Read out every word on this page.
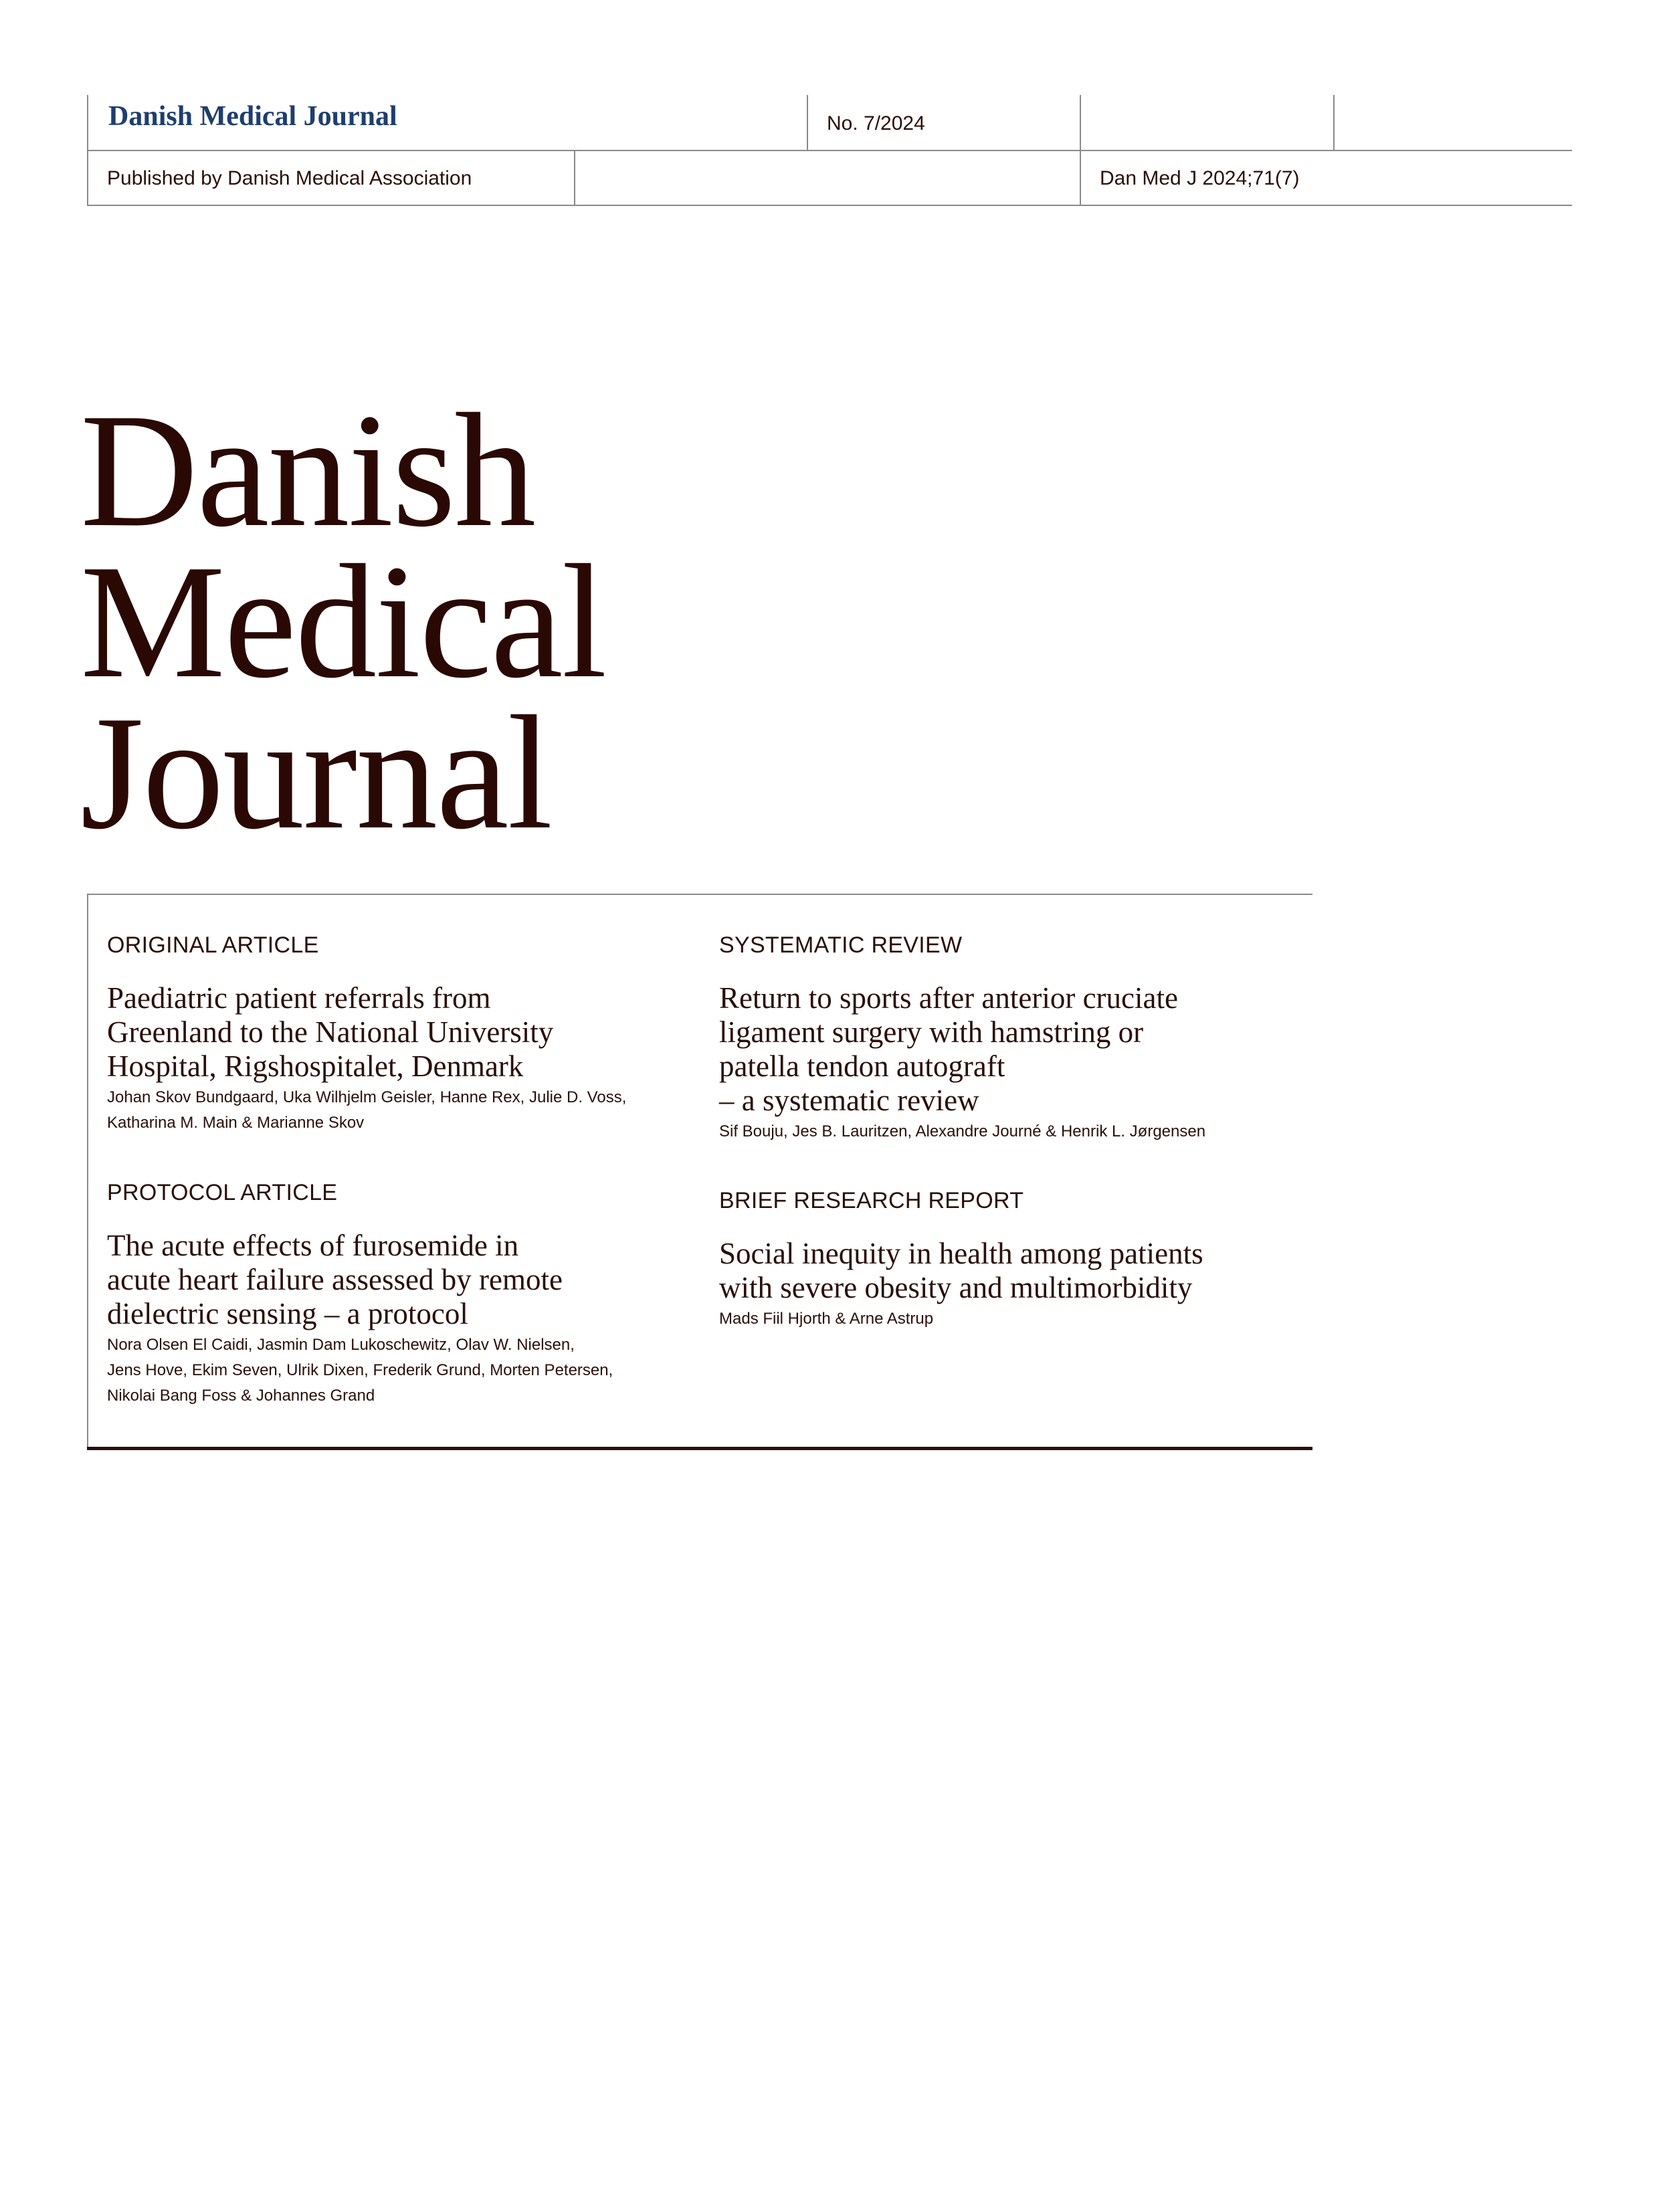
Danish Medical Journal	No. 7/2024
Published by Danish Medical Association	Dan Med J 2024;71(7)
Danish
Medical
Journal
ORIGINAL ARTICLE
Paediatric patient referrals from
Greenland to the National University
Hospital, Rigshospitalet, Denmark
Johan Skov Bundgaard, Uka Wilhjelm Geisler, Hanne Rex, Julie D. Voss,
Katharina M. Main & Marianne Skov
SYSTEMATIC REVIEW
Return to sports after anterior cruciate
ligament surgery with hamstring or
patella tendon autograft
– a systematic review
Sif Bouju, Jes B. Lauritzen, Alexandre Journé & Henrik L. Jørgensen
PROTOCOL ARTICLE
The acute effects of furosemide in
acute heart failure assessed by remote
dielectric sensing – a protocol
Nora Olsen El Caidi, Jasmin Dam Lukoschewitz, Olav W. Nielsen,
Jens Hove, Ekim Seven, Ulrik Dixen, Frederik Grund, Morten Petersen,
Nikolai Bang Foss & Johannes Grand
BRIEF RESEARCH REPORT
Social inequity in health among patients
with severe obesity and multimorbidity
Mads Fiil Hjorth & Arne Astrup
